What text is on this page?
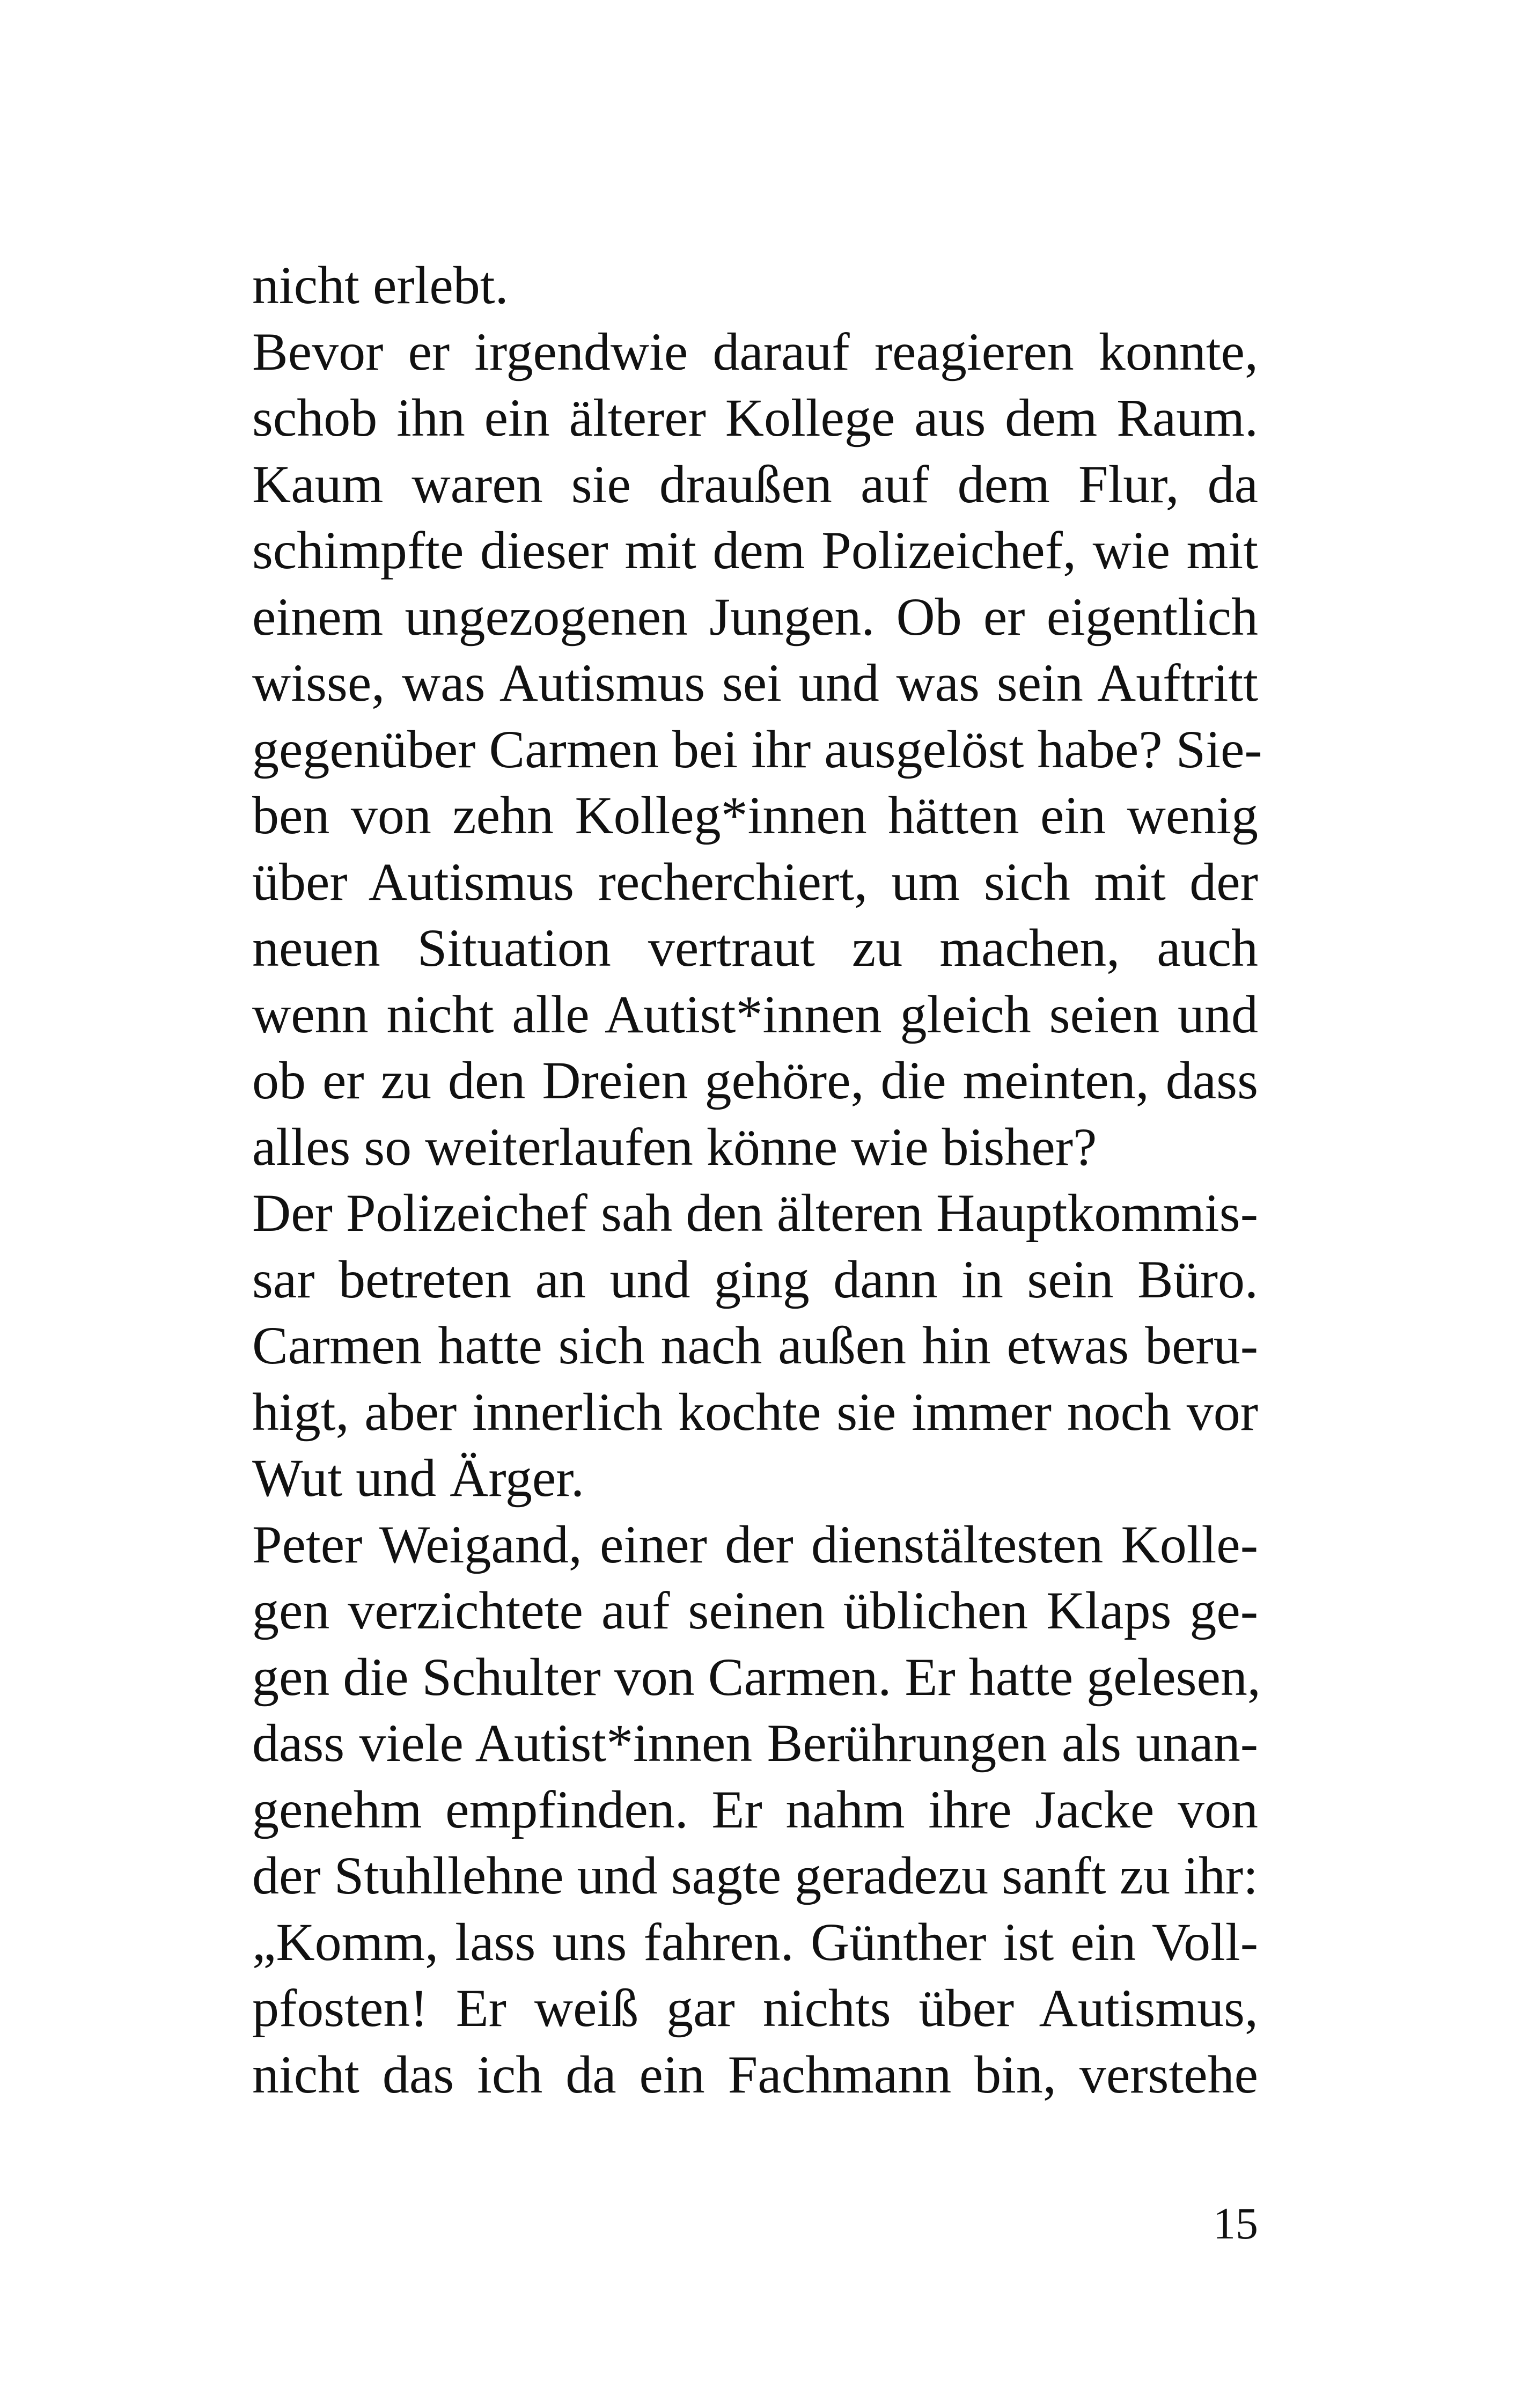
nicht erlebt.
Bevor er irgendwie darauf reagieren konnte,
schob ihn ein älterer Kollege aus dem Raum.
Kaum waren sie draußen auf dem Flur, da
schimpfte dieser mit dem Polizeichef, wie mit
einem ungezogenen Jungen. Ob er eigentlich
wisse, was Autismus sei und was sein Auftritt
gegenüber Carmen bei ihr ausgelöst habe? Sie-
ben von zehn Kolleg*innen hätten ein wenig
über Autismus recherchiert, um sich mit der
neuen Situation vertraut zu machen, auch
wenn nicht alle Autist*innen gleich seien und
ob er zu den Dreien gehöre, die meinten, dass
alles so weiterlaufen könne wie bisher?
Der Polizeichef sah den älteren Hauptkommis-
sar betreten an und ging dann in sein Büro.
Carmen hatte sich nach außen hin etwas beru-
higt, aber innerlich kochte sie immer noch vor
Wut und Ärger.
Peter Weigand, einer der dienstältesten Kolle-
gen verzichtete auf seinen üblichen Klaps ge-
gen die Schulter von Carmen. Er hatte gelesen,
dass viele Autist*innen Berührungen als unan-
genehm empfinden. Er nahm ihre Jacke von
der Stuhllehne und sagte geradezu sanft zu ihr:
„Komm, lass uns fahren. Günther ist ein Voll-
pfosten! Er weiß gar nichts über Autismus,
nicht das ich da ein Fachmann bin, verstehe
15
